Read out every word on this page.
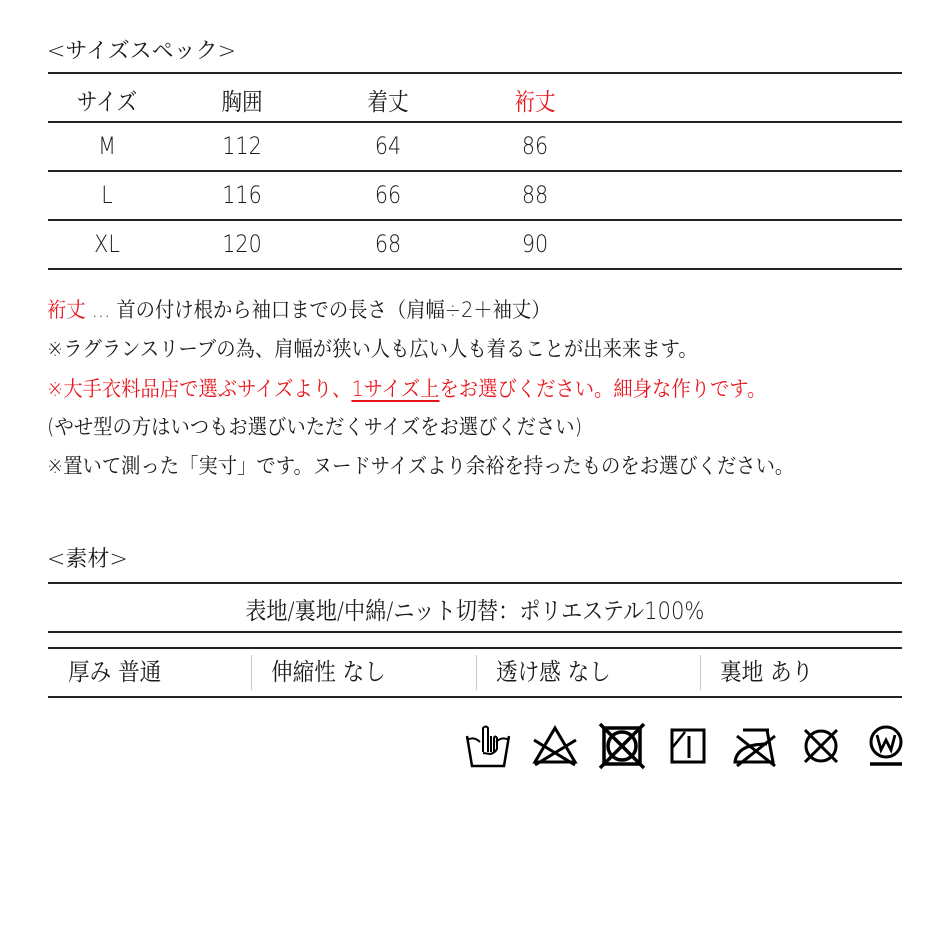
<サイズスペック>
サイズ	胸囲	着丈	裄丈
M	112	64	86
L	116	66	88
XL	120	68	90
裄丈 ... 首の付け根から袖口までの長さ（肩幅÷2＋袖丈）
※ラグランスリーブの為、肩幅が狭い人も広い人も着ることが出来来ます。
※大手衣料品店で選ぶサイズより、1サイズ上をお選びください。細身な作りです。
(やせ型の方はいつもお選びいただくサイズをお選びください)
※置いて測った「実寸」です。ヌードサイズより余裕を持ったものをお選びください。
<素材>
表地/裏地/中綿/ニット切替：ポリエステル100%
厚み 普通	伸縮性 なし	透け感 なし	裏地 あり
